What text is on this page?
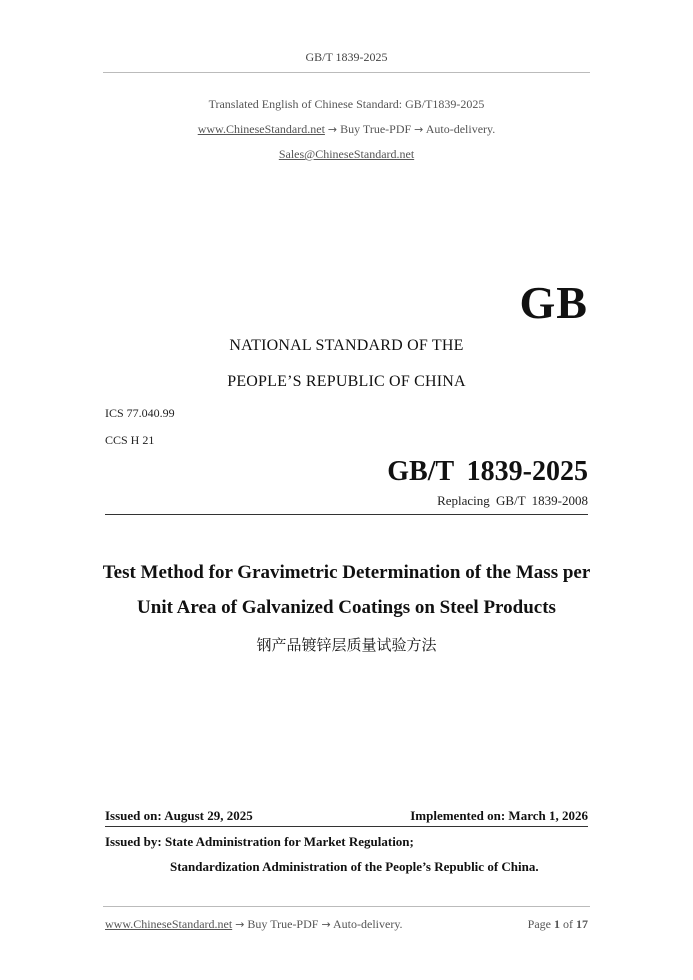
GB/T 1839-2025
Translated English of Chinese Standard: GB/T1839-2025
www.ChineseStandard.net → Buy True-PDF → Auto-delivery.
Sales@ChineseStandard.net
GB
NATIONAL STANDARD OF THE
PEOPLE’S REPUBLIC OF CHINA
ICS 77.040.99
CCS H 21
GB/T 1839-2025
Replacing GB/T 1839-2008
Test Method for Gravimetric Determination of the Mass per
Unit Area of Galvanized Coatings on Steel Products
钢产品镀锌层质量试验方法
Issued on: August 29, 2025	Implemented on: March 1, 2026
Issued by: State Administration for Market Regulation;
Standardization Administration of the People’s Republic of China.
www.ChineseStandard.net → Buy True-PDF → Auto-delivery.	Page 1 of 17
